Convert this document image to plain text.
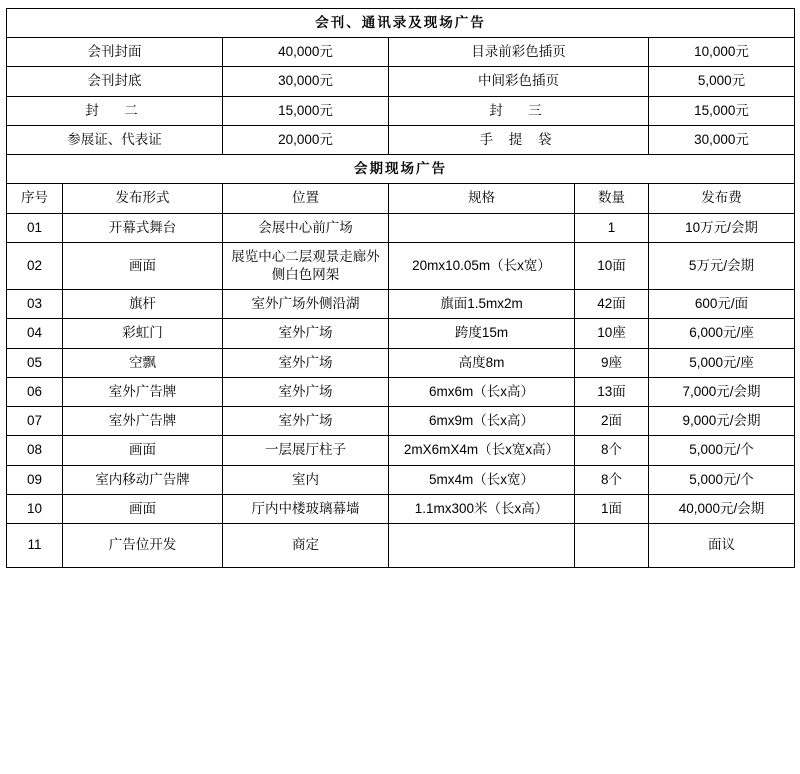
会刊、通讯录及现场广告					
会刊封面		40,000元	目录前彩色插页		10,000元
会刊封底		30,000元	中间彩色插页		5,000元
封　二		15,000元	封　三		15,000元
参展证、代表证		20,000元	手 提 袋		30,000元
会期现场广告					
序号	发布形式	位置	规格	数量	发布费
01	开幕式舞台	会展中心前广场		1	10万元/会期
02	画面	展览中心二层观景走廊外侧白色网架	20mx10.05m（长x宽）	10面	5万元/会期
03	旗杆	室外广场外侧沿湖	旗面1.5mx2m	42面	600元/面
04	彩虹门	室外广场	跨度15m	10座	6,000元/座
05	空飘	室外广场	高度8m	9座	5,000元/座
06	室外广告牌	室外广场	6mx6m（长x高）	13面	7,000元/会期
07	室外广告牌	室外广场	6mx9m（长x高）	2面	9,000元/会期
08	画面	一层展厅柱子	2mX6mX4m（长x宽x高）	8个	5,000元/个
09	室内移动广告牌	室内	5mx4m（长x宽）	8个	5,000元/个
10	画面	厅内中楼玻璃幕墙	1.1mx300米（长x高）	1面	40,000元/会期
11	广告位开发	商定			面议
